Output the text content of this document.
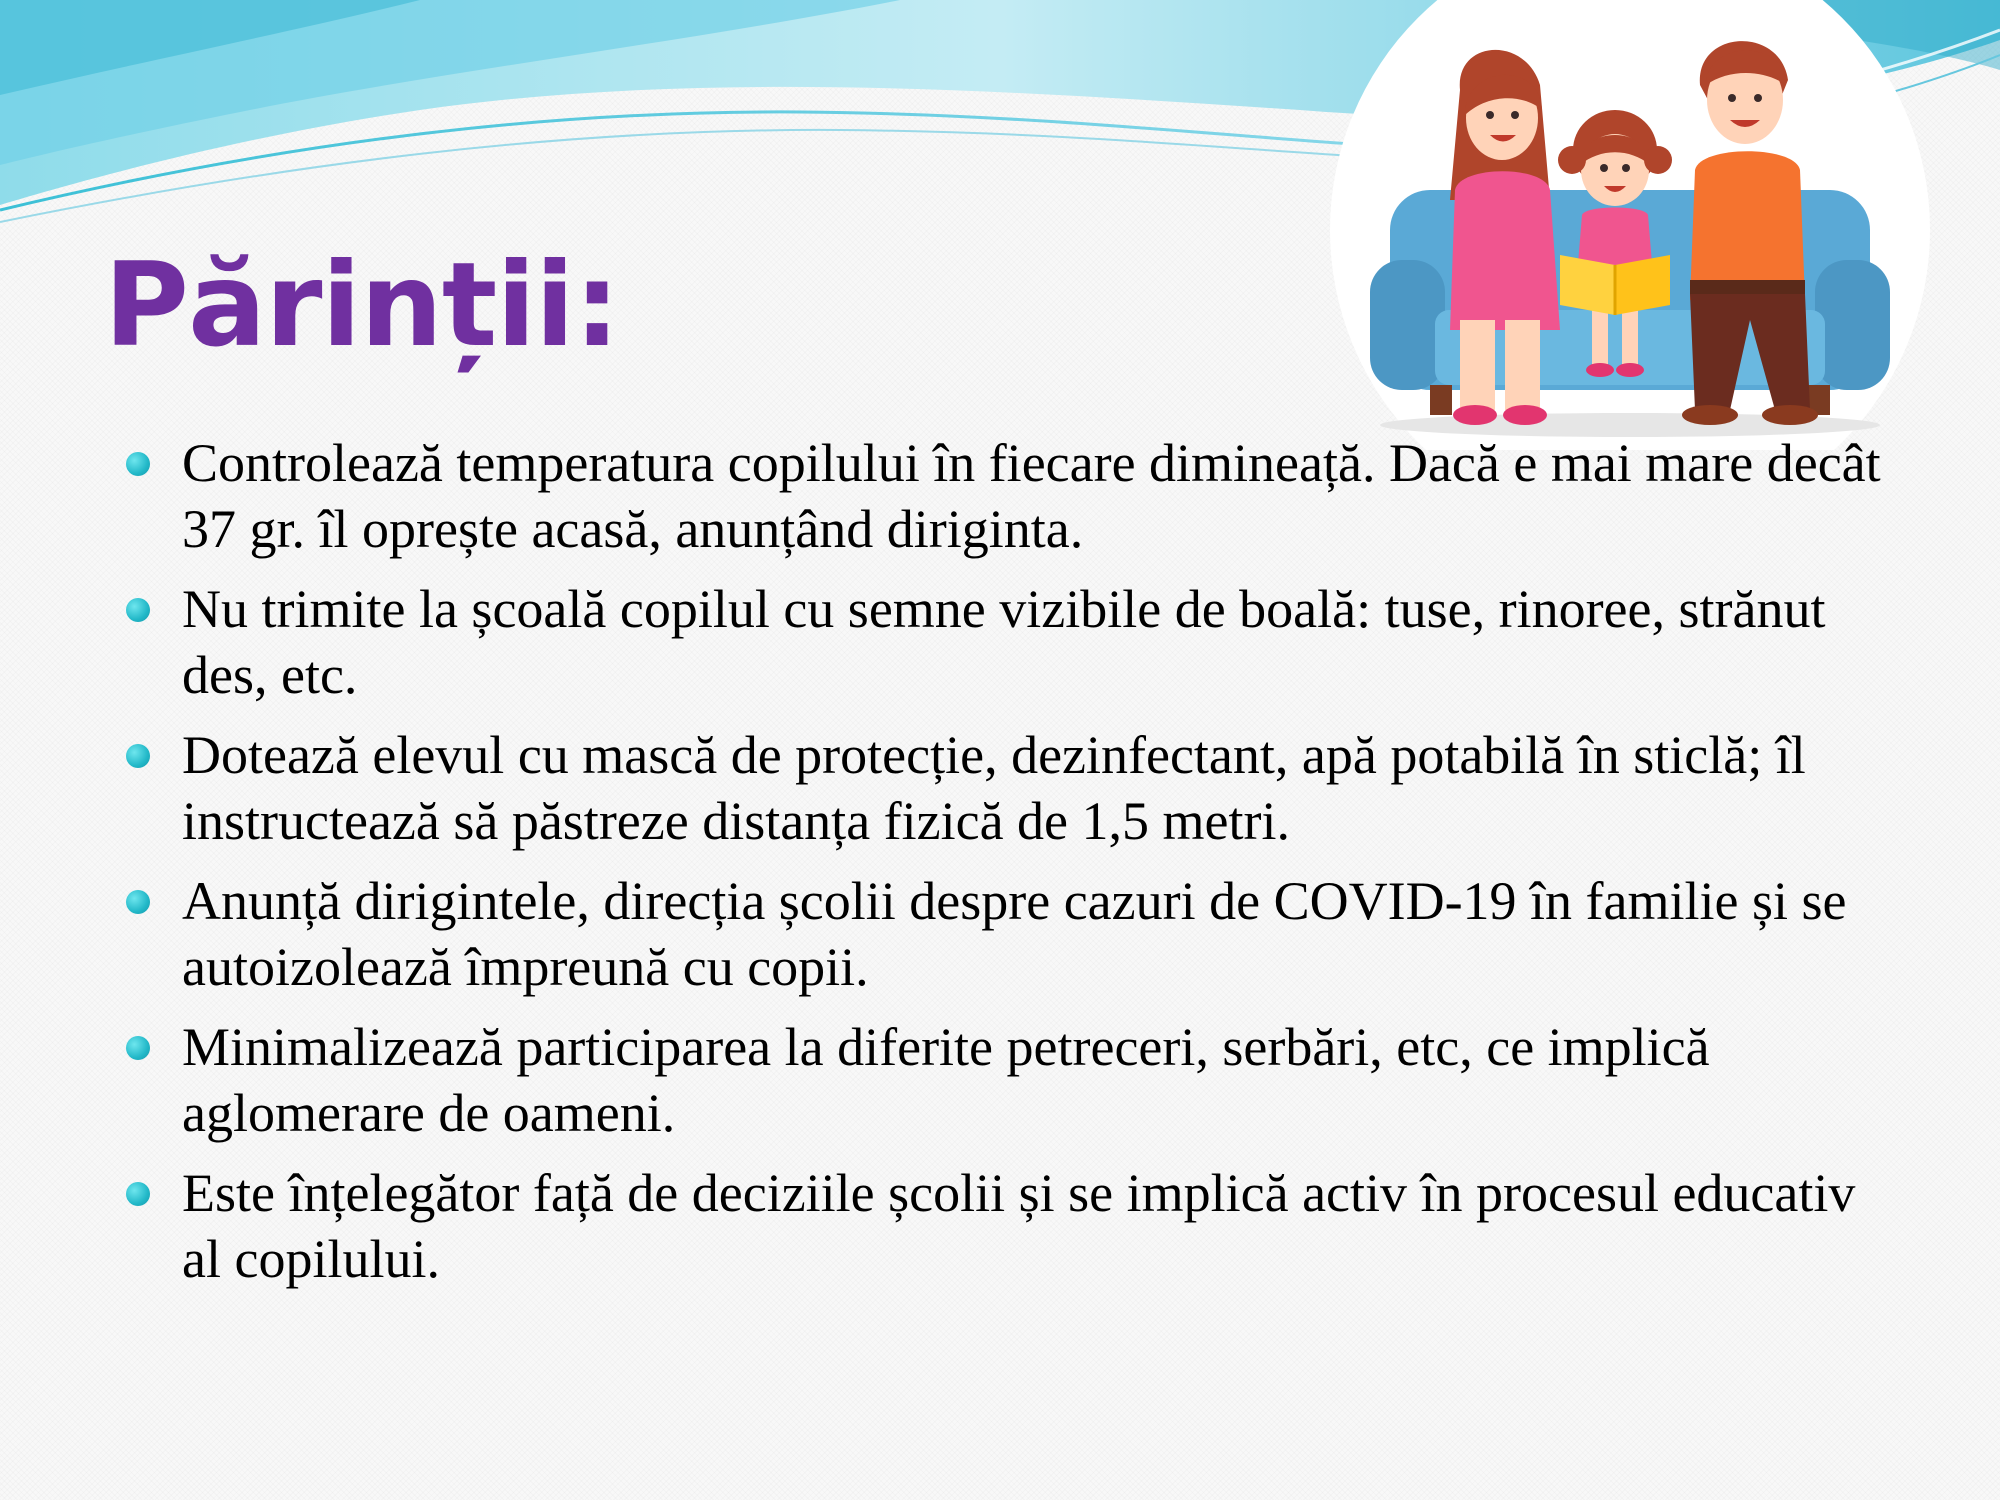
Părinții:
Controlează temperatura copilului în fiecare dimineață. Dacă e mai mare decât 37 gr. îl oprește acasă, anunțând diriginta.
Nu trimite la școală copilul cu semne vizibile de boală: tuse, rinoree, strănut des, etc.
Dotează elevul cu mască de protecție, dezinfectant, apă potabilă în sticlă; îl instructează să păstreze distanța fizică de 1,5 metri.
Anunță dirigintele, direcția școlii despre cazuri de COVID-19 în familie și se autoizolează împreună cu copii.
Minimalizează participarea la diferite petreceri, serbări, etc, ce implică aglomerare de oameni.
Este înțelegător față de deciziile școlii și se implică activ în procesul educativ al copilului.
